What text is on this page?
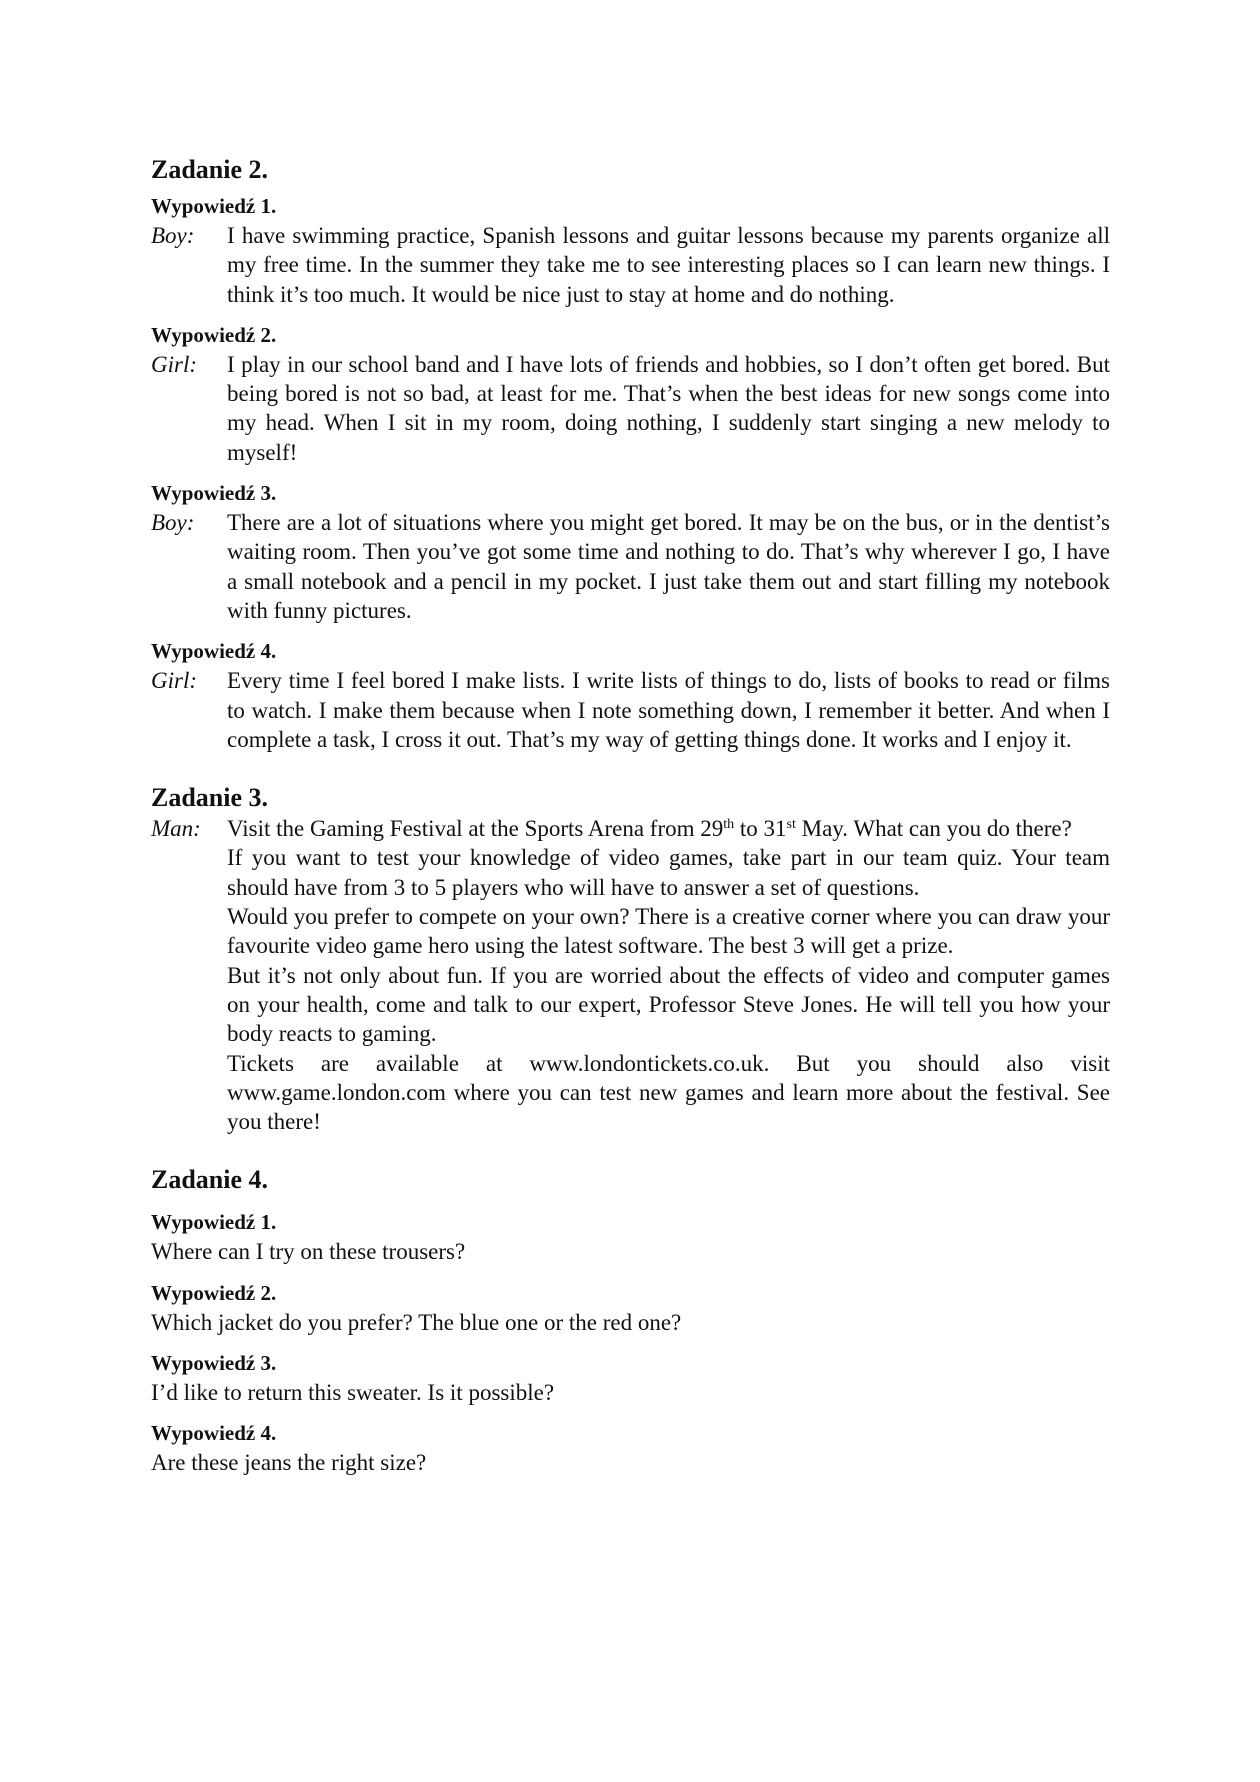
Zadanie 2.
Wypowiedź 1.
Boy:	I have swimming practice, Spanish lessons and guitar lessons because my parents organize all my free time. In the summer they take me to see interesting places so I can learn new things. I think it’s too much. It would be nice just to stay at home and do nothing.
Wypowiedź 2.
Girl:	I play in our school band and I have lots of friends and hobbies, so I don’t often get bored. But being bored is not so bad, at least for me. That’s when the best ideas for new songs come into my head. When I sit in my room, doing nothing, I suddenly start singing a new melody to myself!
Wypowiedź 3.
Boy:	There are a lot of situations where you might get bored. It may be on the bus, or in the dentist’s waiting room. Then you’ve got some time and nothing to do. That’s why wherever I go, I have a small notebook and a pencil in my pocket. I just take them out and start filling my notebook with funny pictures.
Wypowiedź 4.
Girl:	Every time I feel bored I make lists. I write lists of things to do, lists of books to read or films to watch. I make them because when I note something down, I remember it better. And when I complete a task, I cross it out. That’s my way of getting things done. It works and I enjoy it.
Zadanie 3.
Man:	Visit the Gaming Festival at the Sports Arena from 29th to 31st May. What can you do there?

If you want to test your knowledge of video games, take part in our team quiz. Your team should have from 3 to 5 players who will have to answer a set of questions.

Would you prefer to compete on your own? There is a creative corner where you can draw your favourite video game hero using the latest software. The best 3 will get a prize.

But it’s not only about fun. If you are worried about the effects of video and computer games on your health, come and talk to our expert, Professor Steve Jones. He will tell you how your body reacts to gaming.

Tickets are available at www.londontickets.co.uk. But you should also visit www.game.london.com where you can test new games and learn more about the festival. See you there!

Zadanie 4.
Wypowiedź 1.

Where can I try on these trousers?

Wypowiedź 2.

Which jacket do you prefer? The blue one or the red one?

Wypowiedź 3.

I’d like to return this sweater. Is it possible?

Wypowiedź 4.

Are these jeans the right size?
